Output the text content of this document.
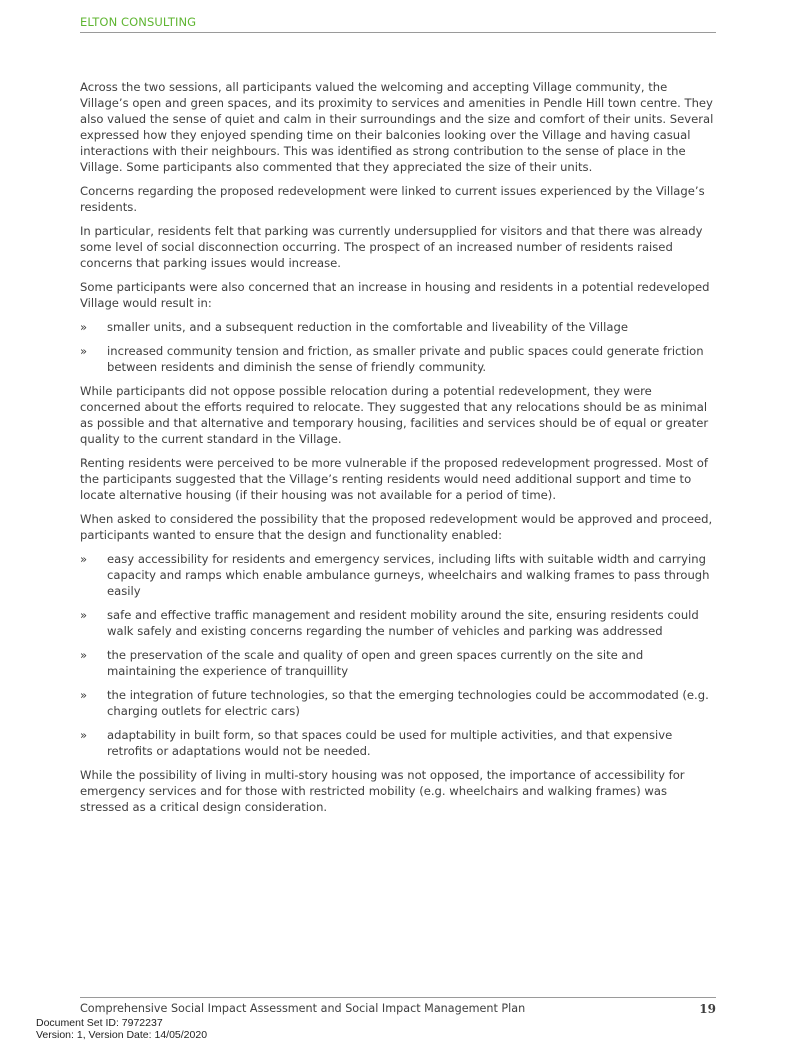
ELTON CONSULTING

Across the two sessions, all participants valued the welcoming and accepting Village community, the Village’s open and green spaces, and its proximity to services and amenities in Pendle Hill town centre. They also valued the sense of quiet and calm in their surroundings and the size and comfort of their units. Several expressed how they enjoyed spending time on their balconies looking over the Village and having casual interactions with their neighbours. This was identified as strong contribution to the sense of place in the Village. Some participants also commented that they appreciated the size of their units.

Concerns regarding the proposed redevelopment were linked to current issues experienced by the Village’s residents.

In particular, residents felt that parking was currently undersupplied for visitors and that there was already some level of social disconnection occurring. The prospect of an increased number of residents raised concerns that parking issues would increase.

Some participants were also concerned that an increase in housing and residents in a potential redeveloped Village would result in:

» smaller units, and a subsequent reduction in the comfortable and liveability of the Village
» increased community tension and friction, as smaller private and public spaces could generate friction between residents and diminish the sense of friendly community.

While participants did not oppose possible relocation during a potential redevelopment, they were concerned about the efforts required to relocate. They suggested that any relocations should be as minimal as possible and that alternative and temporary housing, facilities and services should be of equal or greater quality to the current standard in the Village.

Renting residents were perceived to be more vulnerable if the proposed redevelopment progressed. Most of the participants suggested that the Village’s renting residents would need additional support and time to locate alternative housing (if their housing was not available for a period of time).

When asked to considered the possibility that the proposed redevelopment would be approved and proceed, participants wanted to ensure that the design and functionality enabled:

» easy accessibility for residents and emergency services, including lifts with suitable width and carrying capacity and ramps which enable ambulance gurneys, wheelchairs and walking frames to pass through easily
» safe and effective traffic management and resident mobility around the site, ensuring residents could walk safely and existing concerns regarding the number of vehicles and parking was addressed
» the preservation of the scale and quality of open and green spaces currently on the site and maintaining the experience of tranquillity
» the integration of future technologies, so that the emerging technologies could be accommodated (e.g. charging outlets for electric cars)
» adaptability in built form, so that spaces could be used for multiple activities, and that expensive retrofits or adaptations would not be needed.

While the possibility of living in multi-story housing was not opposed, the importance of accessibility for emergency services and for those with restricted mobility (e.g. wheelchairs and walking frames) was stressed as a critical design consideration.

Comprehensive Social Impact Assessment and Social Impact Management Plan	19
Document Set ID: 7972237
Version: 1, Version Date: 14/05/2020
